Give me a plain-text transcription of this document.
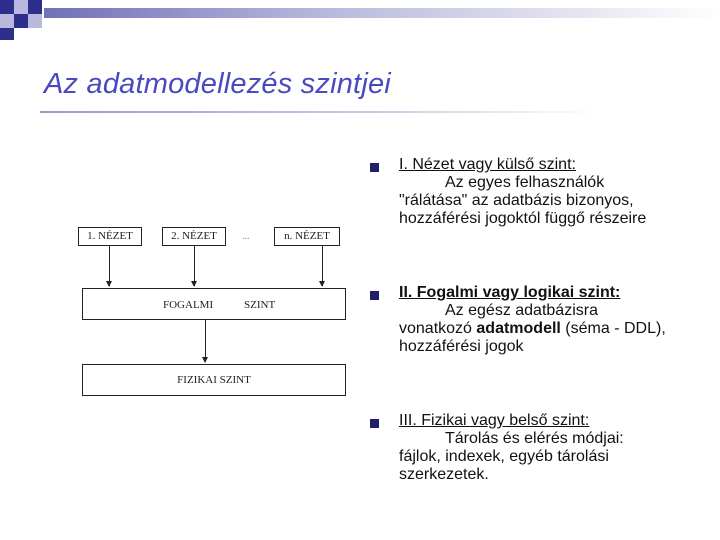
Az adatmodellezés szintjei
1. NÉZET	2. NÉZET	...	n. NÉZET
FOGALMI	SZINT
FIZIKAI SZINT
I. Nézet vagy külső szint:
Az egyes felhasználók
"rálátása" az adatbázis bizonyos, hozzáférési jogoktól függő részeire
II. Fogalmi vagy logikai szint:
Az egész adatbázisra
vonatkozó adatmodell (séma - DDL), hozzáférési jogok
III. Fizikai vagy belső szint:
Tárolás és elérés módjai:
fájlok, indexek, egyéb tárolási szerkezetek.
